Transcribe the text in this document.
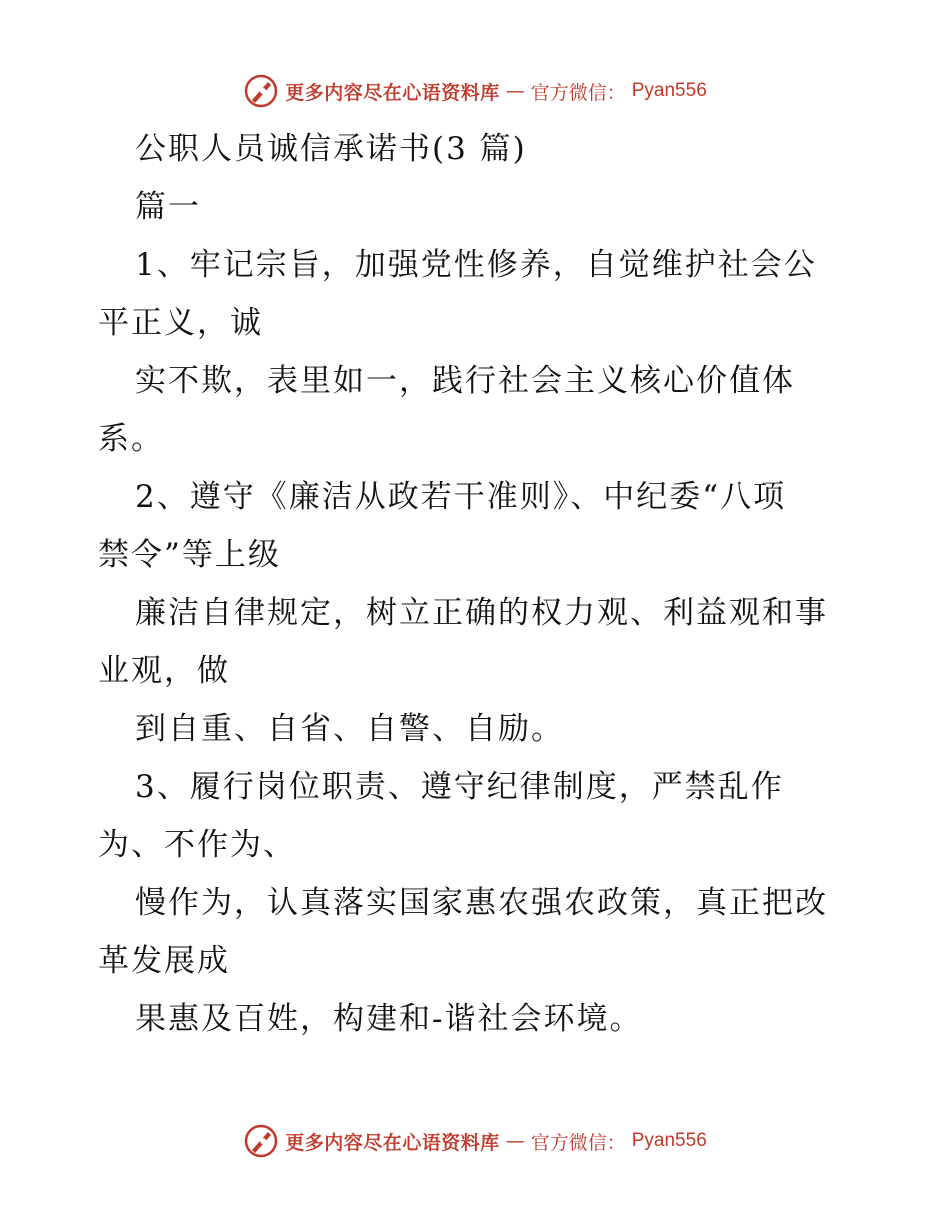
更多内容尽在心语资料库 — 官方微信： Pyan556
公职人员诚信承诺书(3 篇)
篇一
1、牢记宗旨，加强党性修养，自觉维护社会公
平正义，诚
实不欺，表里如一，践行社会主义核心价值体
系。
2、遵守《廉洁从政若干准则》、中纪委“八项
禁令”等上级
廉洁自律规定，树立正确的权力观、利益观和事
业观，做
到自重、自省、自警、自励。
3、履行岗位职责、遵守纪律制度，严禁乱作
为、不作为、
慢作为，认真落实国家惠农强农政策，真正把改
革发展成
果惠及百姓，构建和-谐社会环境。
更多内容尽在心语资料库 — 官方微信： Pyan556
